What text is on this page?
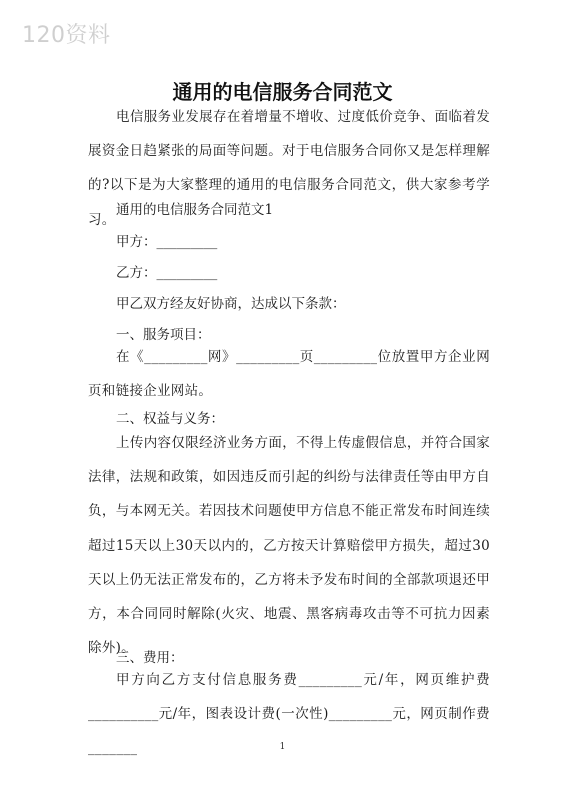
120资料
通用的电信服务合同范文
电信服务业发展存在着增量不增收、过度低价竞争、面临着发展资金日趋紧张的局面等问题。对于电信服务合同你又是怎样理解的?以下是为大家整理的通用的电信服务合同范文，供大家参考学习。
通用的电信服务合同范文1
甲方：_________
乙方：_________
甲乙双方经友好协商，达成以下条款：
一、服务项目：
在《_________网》_________页_________位放置甲方企业网页和链接企业网站。
二、权益与义务：
上传内容仅限经济业务方面，不得上传虚假信息，并符合国家法律，法规和政策，如因违反而引起的纠纷与法律责任等由甲方自负，与本网无关。若因技术问题使甲方信息不能正常发布时间连续超过15天以上30天以内的，乙方按天计算赔偿甲方损失，超过30天以上仍无法正常发布的，乙方将未予发布时间的全部款项退还甲方，本合同同时解除(火灾、地震、黑客病毒攻击等不可抗力因素除外)。
三、费用：
甲方向乙方支付信息服务费_________元/年，网页维护费__________元/年，图表设计费(一次性)_________元，网页制作费_______	1
